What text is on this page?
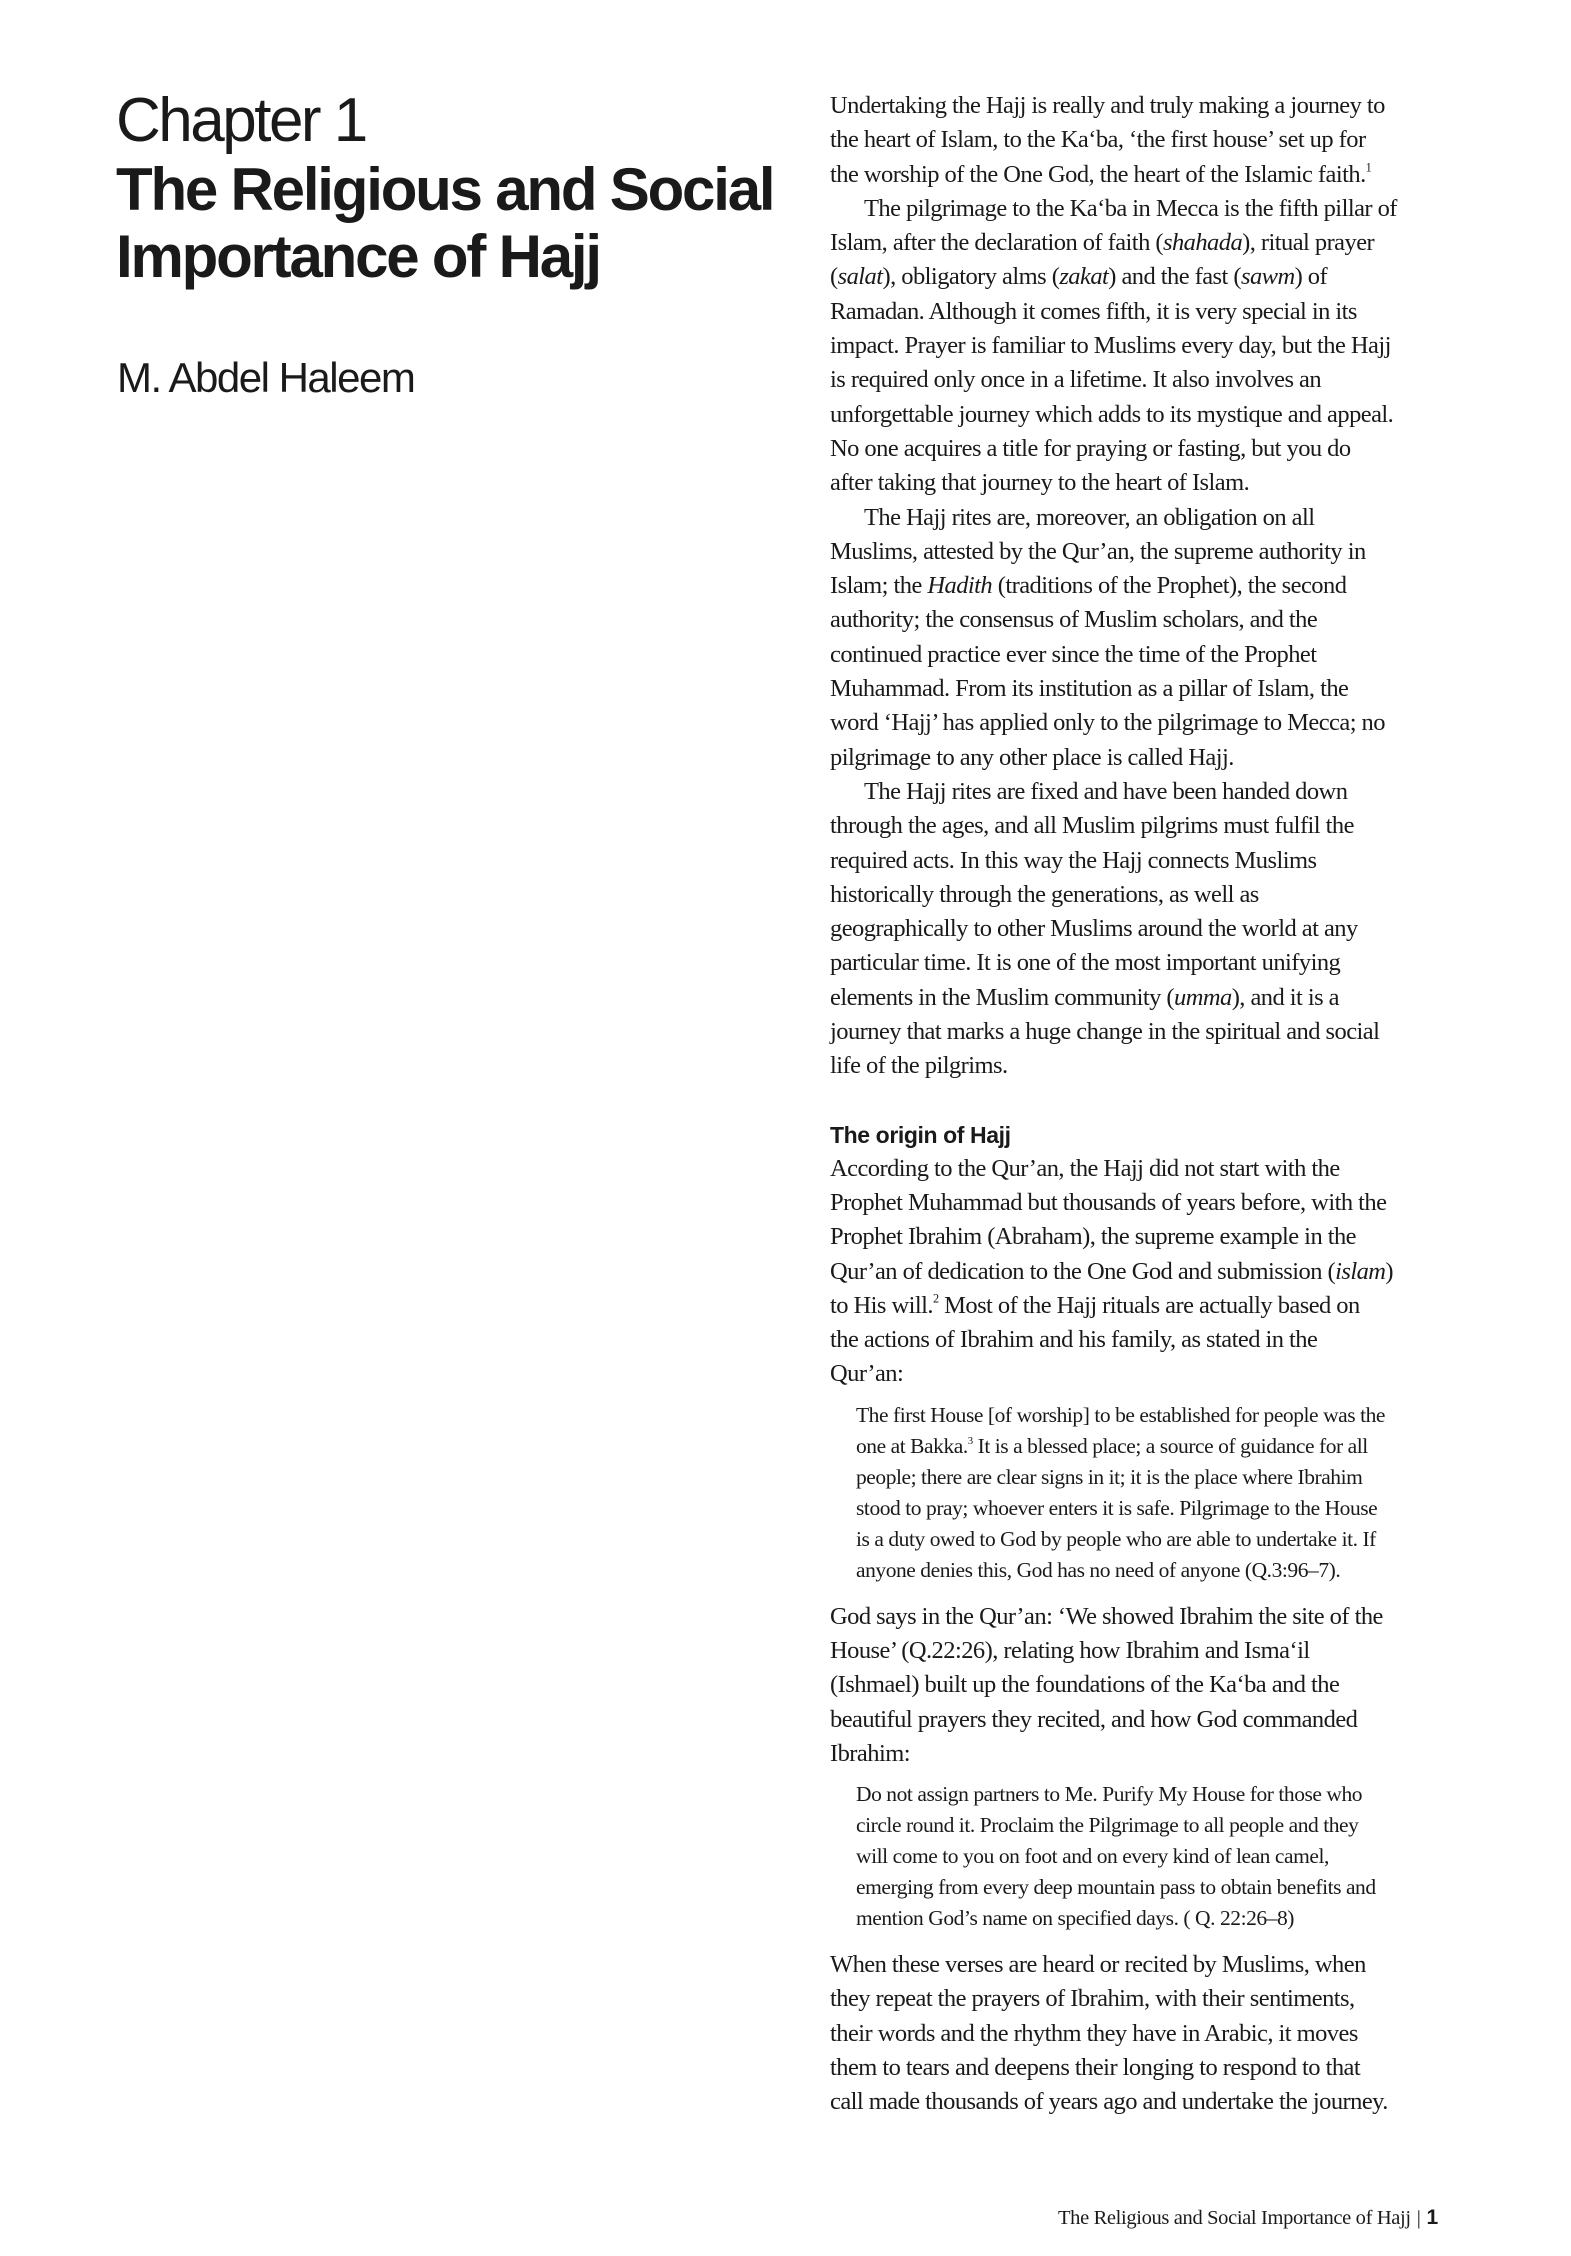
Chapter 1
The Religious and Social
Importance of Hajj
M. Abdel Haleem
Undertaking the Hajj is really and truly making a journey to
the heart of Islam, to the Ka‘ba, ‘the first house’ set up for
the worship of the One God, the heart of the Islamic faith.$^1$
The pilgrimage to the Ka‘ba in Mecca is the fifth pillar of
Islam, after the declaration of faith (shahada), ritual prayer
(salat), obligatory alms (zakat) and the fast (sawm) of
Ramadan. Although it comes fifth, it is very special in its
impact. Prayer is familiar to Muslims every day, but the Hajj
is required only once in a lifetime. It also involves an
unforgettable journey which adds to its mystique and appeal.
No one acquires a title for praying or fasting, but you do
after taking that journey to the heart of Islam.
The Hajj rites are, moreover, an obligation on all
Muslims, attested by the Qur’an, the supreme authority in
Islam; the Hadith (traditions of the Prophet), the second
authority; the consensus of Muslim scholars, and the
continued practice ever since the time of the Prophet
Muhammad. From its institution as a pillar of Islam, the
word ‘Hajj’ has applied only to the pilgrimage to Mecca; no
pilgrimage to any other place is called Hajj.
The Hajj rites are fixed and have been handed down
through the ages, and all Muslim pilgrims must fulfil the
required acts. In this way the Hajj connects Muslims
historically through the generations, as well as
geographically to other Muslims around the world at any
particular time. It is one of the most important unifying
elements in the Muslim community (umma), and it is a
journey that marks a huge change in the spiritual and social
life of the pilgrims.
The origin of Hajj
According to the Qur’an, the Hajj did not start with the
Prophet Muhammad but thousands of years before, with the
Prophet Ibrahim (Abraham), the supreme example in the
Qur’an of dedication to the One God and submission (islam)
to His will.$^2$ Most of the Hajj rituals are actually based on
the actions of Ibrahim and his family, as stated in the
Qur’an:
The first House [of worship] to be established for people was the
one at Bakka.$^3$ It is a blessed place; a source of guidance for all
people; there are clear signs in it; it is the place where Ibrahim
stood to pray; whoever enters it is safe. Pilgrimage to the House
is a duty owed to God by people who are able to undertake it. If
anyone denies this, God has no need of anyone (Q.3:96–7).
God says in the Qur’an: ‘We showed Ibrahim the site of the
House’ (Q.22:26), relating how Ibrahim and Isma‘il
(Ishmael) built up the foundations of the Ka‘ba and the
beautiful prayers they recited, and how God commanded
Ibrahim:
Do not assign partners to Me. Purify My House for those who
circle round it. Proclaim the Pilgrimage to all people and they
will come to you on foot and on every kind of lean camel,
emerging from every deep mountain pass to obtain benefits and
mention God’s name on specified days. ( Q. 22:26–8)
When these verses are heard or recited by Muslims, when
they repeat the prayers of Ibrahim, with their sentiments,
their words and the rhythm they have in Arabic, it moves
them to tears and deepens their longing to respond to that
call made thousands of years ago and undertake the journey.
The Religious and Social Importance of Hajj | 1
